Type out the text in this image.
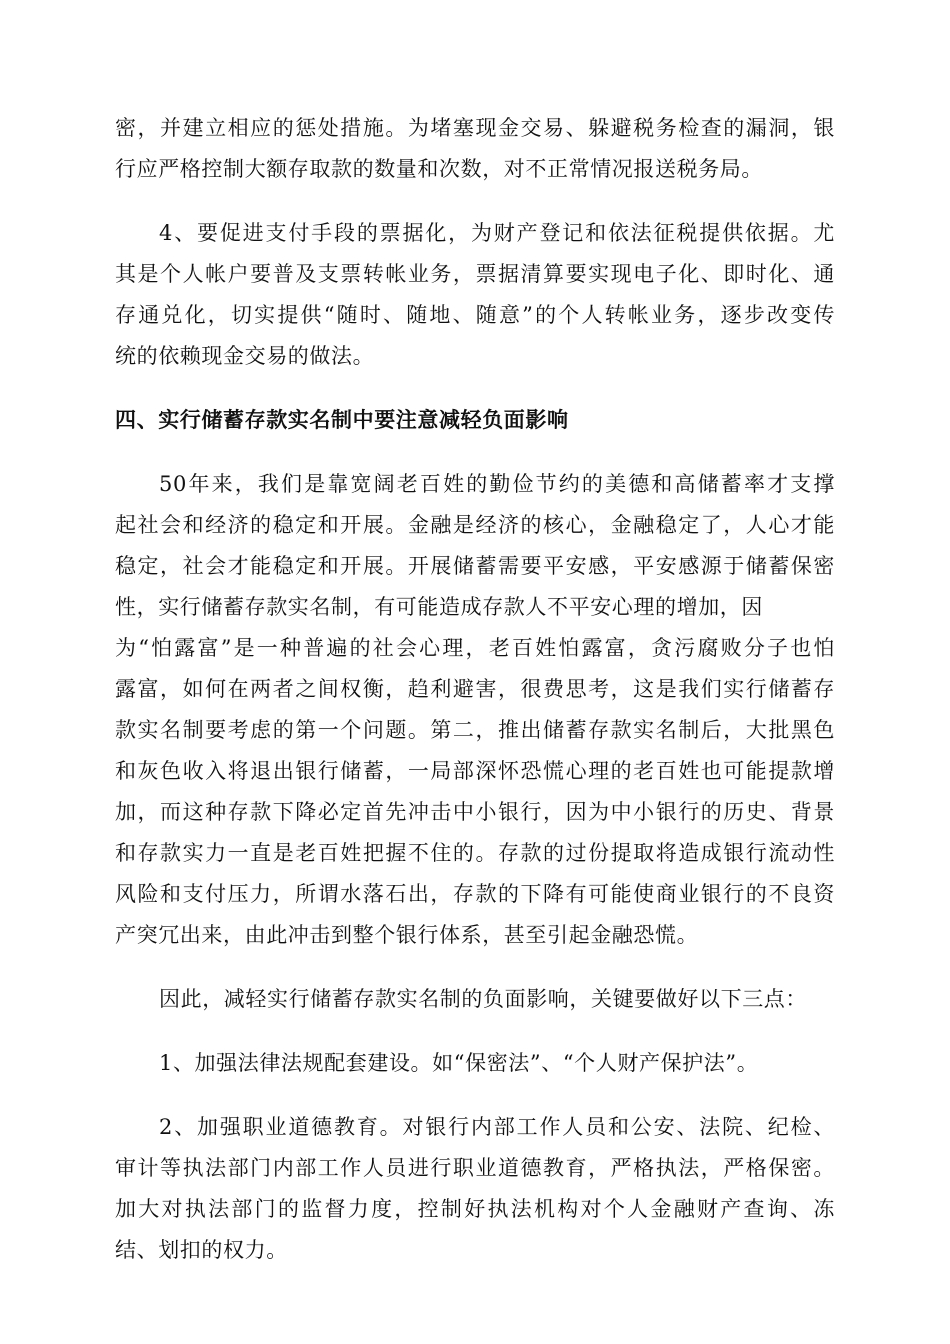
密，并建立相应的惩处措施。为堵塞现金交易、躲避税务检查的漏洞，银
行应严格控制大额存取款的数量和次数，对不正常情况报送税务局。
4、要促进支付手段的票据化，为财产登记和依法征税提供依据。尤
其是个人帐户要普及支票转帐业务，票据清算要实现电子化、即时化、通
存通兑化，切实提供“随时、随地、随意”的个人转帐业务，逐步改变传
统的依赖现金交易的做法。
四、实行储蓄存款实名制中要注意减轻负面影响
50年来，我们是靠宽阔老百姓的勤俭节约的美德和高储蓄率才支撑
起社会和经济的稳定和开展。金融是经济的核心，金融稳定了，人心才能
稳定，社会才能稳定和开展。开展储蓄需要平安感，平安感源于储蓄保密
性，实行储蓄存款实名制，有可能造成存款人不平安心理的增加，因
为“怕露富”是一种普遍的社会心理，老百姓怕露富，贪污腐败分子也怕
露富，如何在两者之间权衡，趋利避害，很费思考，这是我们实行储蓄存
款实名制要考虑的第一个问题。第二，推出储蓄存款实名制后，大批黑色
和灰色收入将退出银行储蓄，一局部深怀恐慌心理的老百姓也可能提款增
加，而这种存款下降必定首先冲击中小银行，因为中小银行的历史、背景
和存款实力一直是老百姓把握不住的。存款的过份提取将造成银行流动性
风险和支付压力，所谓水落石出，存款的下降有可能使商业银行的不良资
产突冗出来，由此冲击到整个银行体系，甚至引起金融恐慌。
因此，减轻实行储蓄存款实名制的负面影响，关键要做好以下三点：
1、加强法律法规配套建设。如“保密法”、“个人财产保护法”。
2、加强职业道德教育。对银行内部工作人员和公安、法院、纪检、
审计等执法部门内部工作人员进行职业道德教育，严格执法，严格保密。
加大对执法部门的监督力度，控制好执法机构对个人金融财产查询、冻
结、划扣的权力。
